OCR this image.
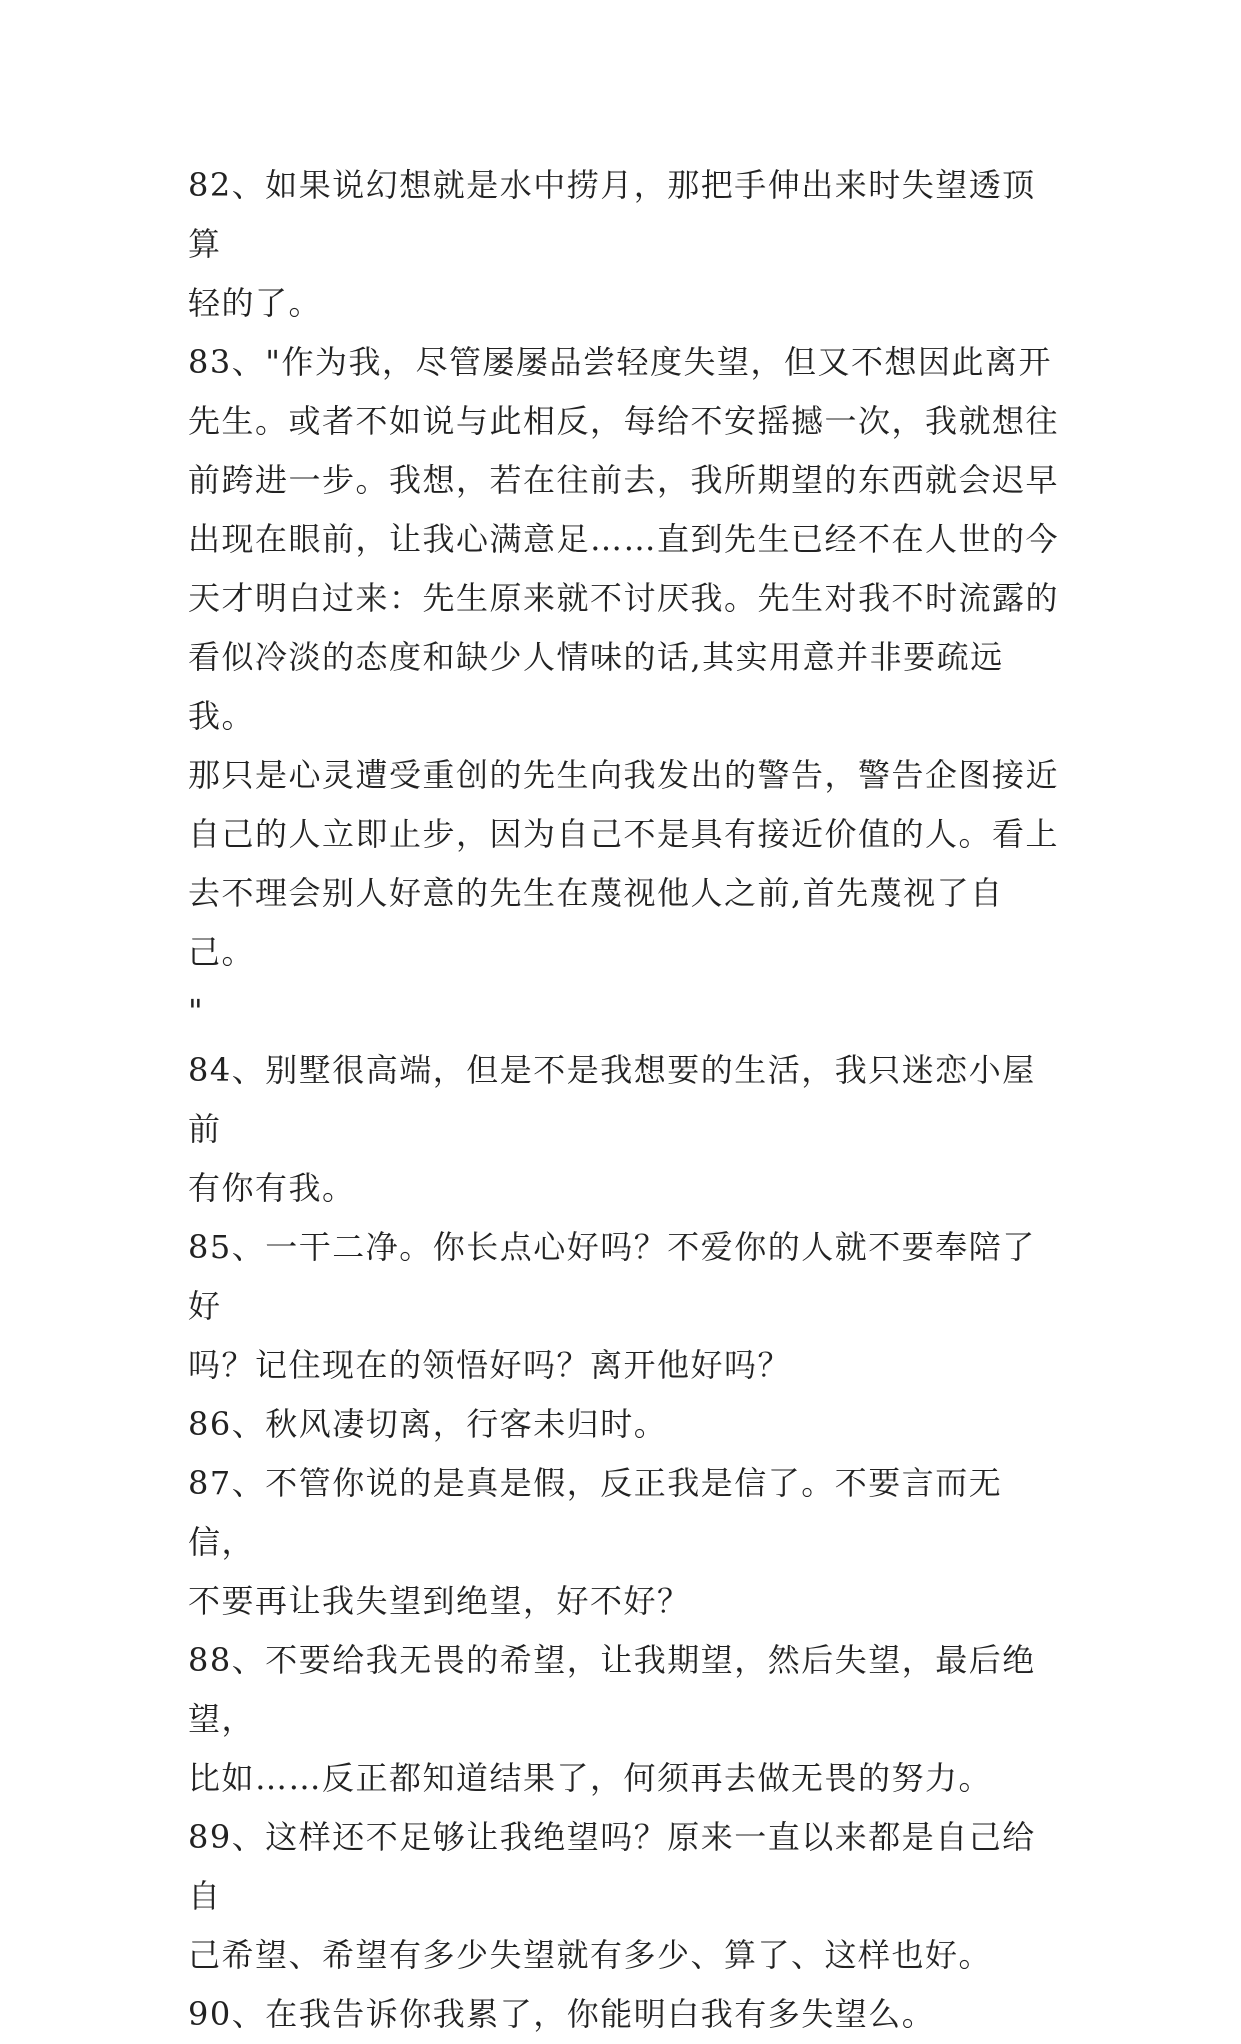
82、如果说幻想就是水中捞月，那把手伸出来时失望透顶算
轻的了。

83、"作为我，尽管屡屡品尝轻度失望，但又不想因此离开
先生。或者不如说与此相反，每给不安摇撼一次，我就想往
前跨进一步。我想，若在往前去，我所期望的东西就会迟早
出现在眼前，让我心满意足……直到先生已经不在人世的今
天才明白过来：先生原来就不讨厌我。先生对我不时流露的
看似冷淡的态度和缺少人情味的话,其实用意并非要疏远我。
那只是心灵遭受重创的先生向我发出的警告，警告企图接近
自己的人立即止步，因为自己不是具有接近价值的人。看上
去不理会别人好意的先生在蔑视他人之前,首先蔑视了自己。
"

84、别墅很高端，但是不是我想要的生活，我只迷恋小屋前
有你有我。

85、一干二净。你长点心好吗？不爱你的人就不要奉陪了好
吗？记住现在的领悟好吗？离开他好吗？

86、秋风凄切离，行客未归时。

87、不管你说的是真是假，反正我是信了。不要言而无信，
不要再让我失望到绝望，好不好？

88、不要给我无畏的希望，让我期望，然后失望，最后绝望，
比如……反正都知道结果了，何须再去做无畏的努力。

89、这样还不足够让我绝望吗？原来一直以来都是自己给自
己希望、希望有多少失望就有多少、算了、这样也好。

90、在我告诉你我累了，你能明白我有多失望么。
